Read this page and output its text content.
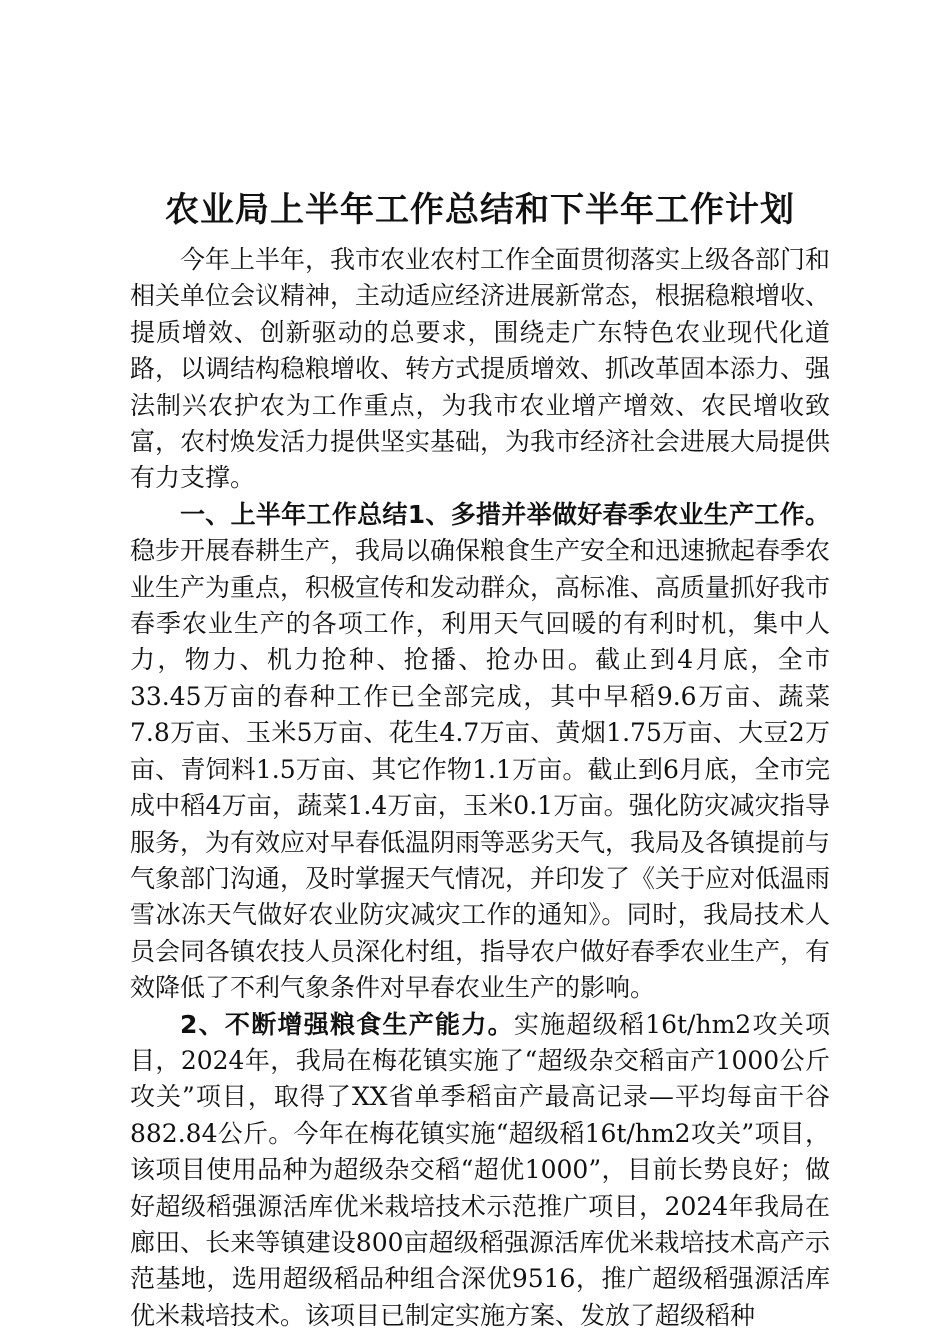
农业局上半年工作总结和下半年工作计划

今年上半年，我市农业农村工作全面贯彻落实上级各部门和相关单位会议精神，主动适应经济进展新常态，根据稳粮增收、提质增效、创新驱动的总要求，围绕走广东特色农业现代化道路，以调结构稳粮增收、转方式提质增效、抓改革固本添力、强法制兴农护农为工作重点，为我市农业增产增效、农民增收致富，农村焕发活力提供坚实基础，为我市经济社会进展大局提供有力支撑。

一、上半年工作总结1、多措并举做好春季农业生产工作。稳步开展春耕生产，我局以确保粮食生产安全和迅速掀起春季农业生产为重点，积极宣传和发动群众，高标准、高质量抓好我市春季农业生产的各项工作，利用天气回暖的有利时机，集中人力，物力、机力抢种、抢播、抢办田。截止到4月底，全市33.45万亩的春种工作已全部完成，其中早稻9.6万亩、蔬菜7.8万亩、玉米5万亩、花生4.7万亩、黄烟1.75万亩、大豆2万亩、青饲料1.5万亩、其它作物1.1万亩。截止到6月底，全市完成中稻4万亩，蔬菜1.4万亩，玉米0.1万亩。强化防灾减灾指导服务，为有效应对早春低温阴雨等恶劣天气，我局及各镇提前与气象部门沟通，及时掌握天气情况，并印发了《关于应对低温雨雪冰冻天气做好农业防灾减灾工作的通知》。同时，我局技术人员会同各镇农技人员深化村组，指导农户做好春季农业生产，有效降低了不利气象条件对早春农业生产的影响。

2、不断增强粮食生产能力。实施超级稻16t/hm2攻关项目，2024年，我局在梅花镇实施了“超级杂交稻亩产1000公斤攻关”项目，取得了XX省单季稻亩产最高记录—平均每亩干谷882.84公斤。今年在梅花镇实施“超级稻16t/hm2攻关”项目，该项目使用品种为超级杂交稻“超优1000”，目前长势良好；做好超级稻强源活库优米栽培技术示范推广项目，2024年我局在廊田、长来等镇建设800亩超级稻强源活库优米栽培技术高产示范基地，选用超级稻品种组合深优9516，推广超级稻强源活库优米栽培技术。该项目已制定实施方案、发放了超级稻种
